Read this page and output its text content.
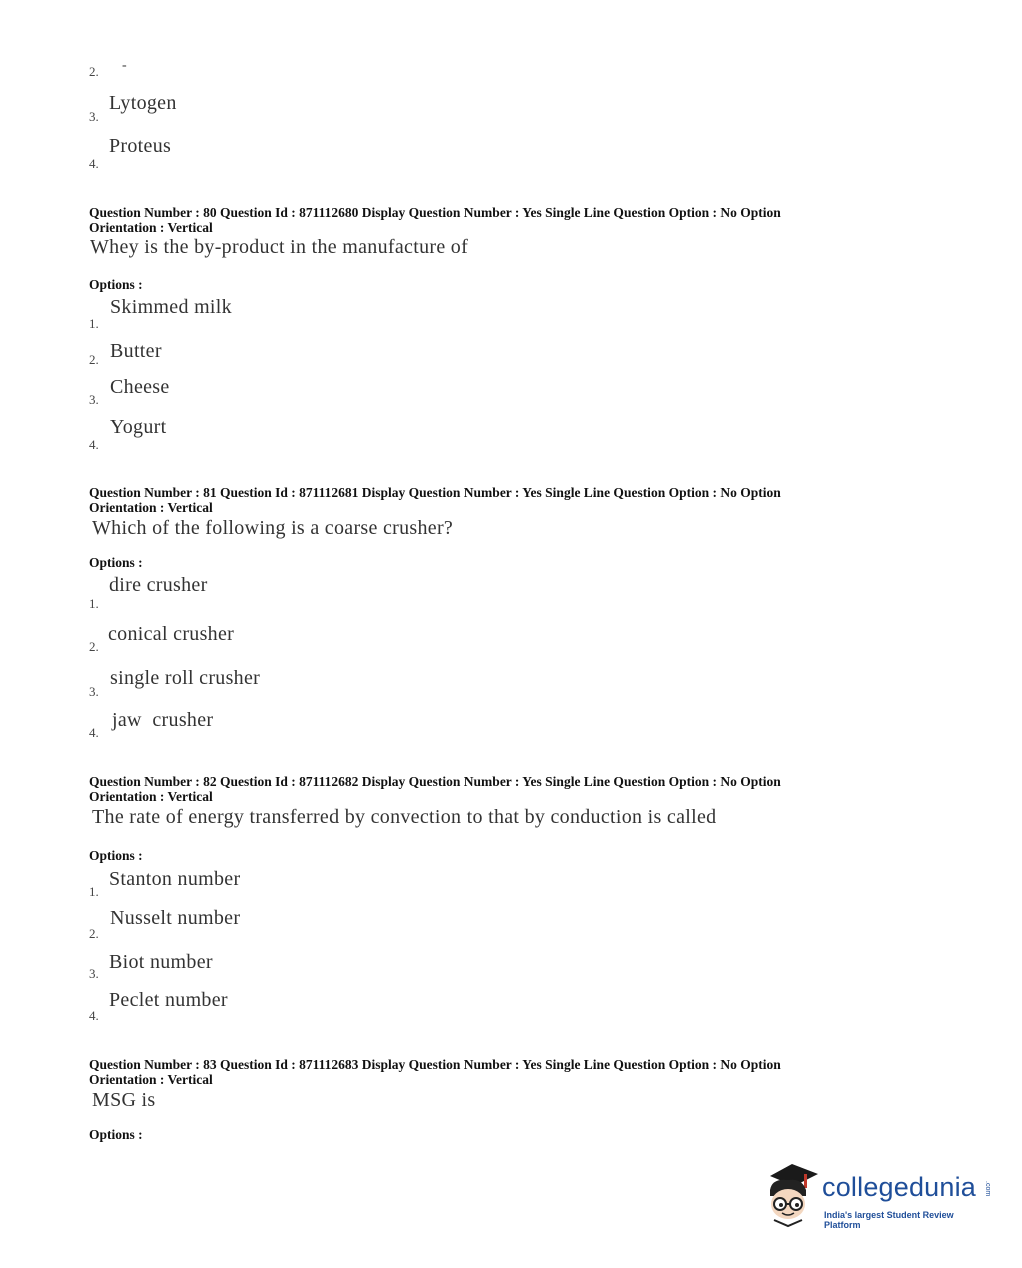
2. -
3.
Lytogen
4.
Proteus
Question Number : 80 Question Id : 871112680 Display Question Number : Yes Single Line Question Option : No Option
Orientation : Vertical
Whey is the by-product in the manufacture of
Options :
1.
Skimmed milk
2. Butter
3.
Cheese
4.
Yogurt
Question Number : 81 Question Id : 871112681 Display Question Number : Yes Single Line Question Option : No Option
Orientation : Vertical
Which of the following is a coarse crusher?
Options :
1.
dire crusher
2.
conical crusher
3.
single roll crusher
4.
jaw  crusher
Question Number : 82 Question Id : 871112682 Display Question Number : Yes Single Line Question Option : No Option
Orientation : Vertical
The rate of energy transferred by convection to that by conduction is called
Options :
1.
Stanton number
2.
Nusselt number
3.
Biot number
4.
Peclet number
Question Number : 83 Question Id : 871112683 Display Question Number : Yes Single Line Question Option : No Option
Orientation : Vertical
MSG is
Options :
collegedunia .com
India's largest Student Review Platform
